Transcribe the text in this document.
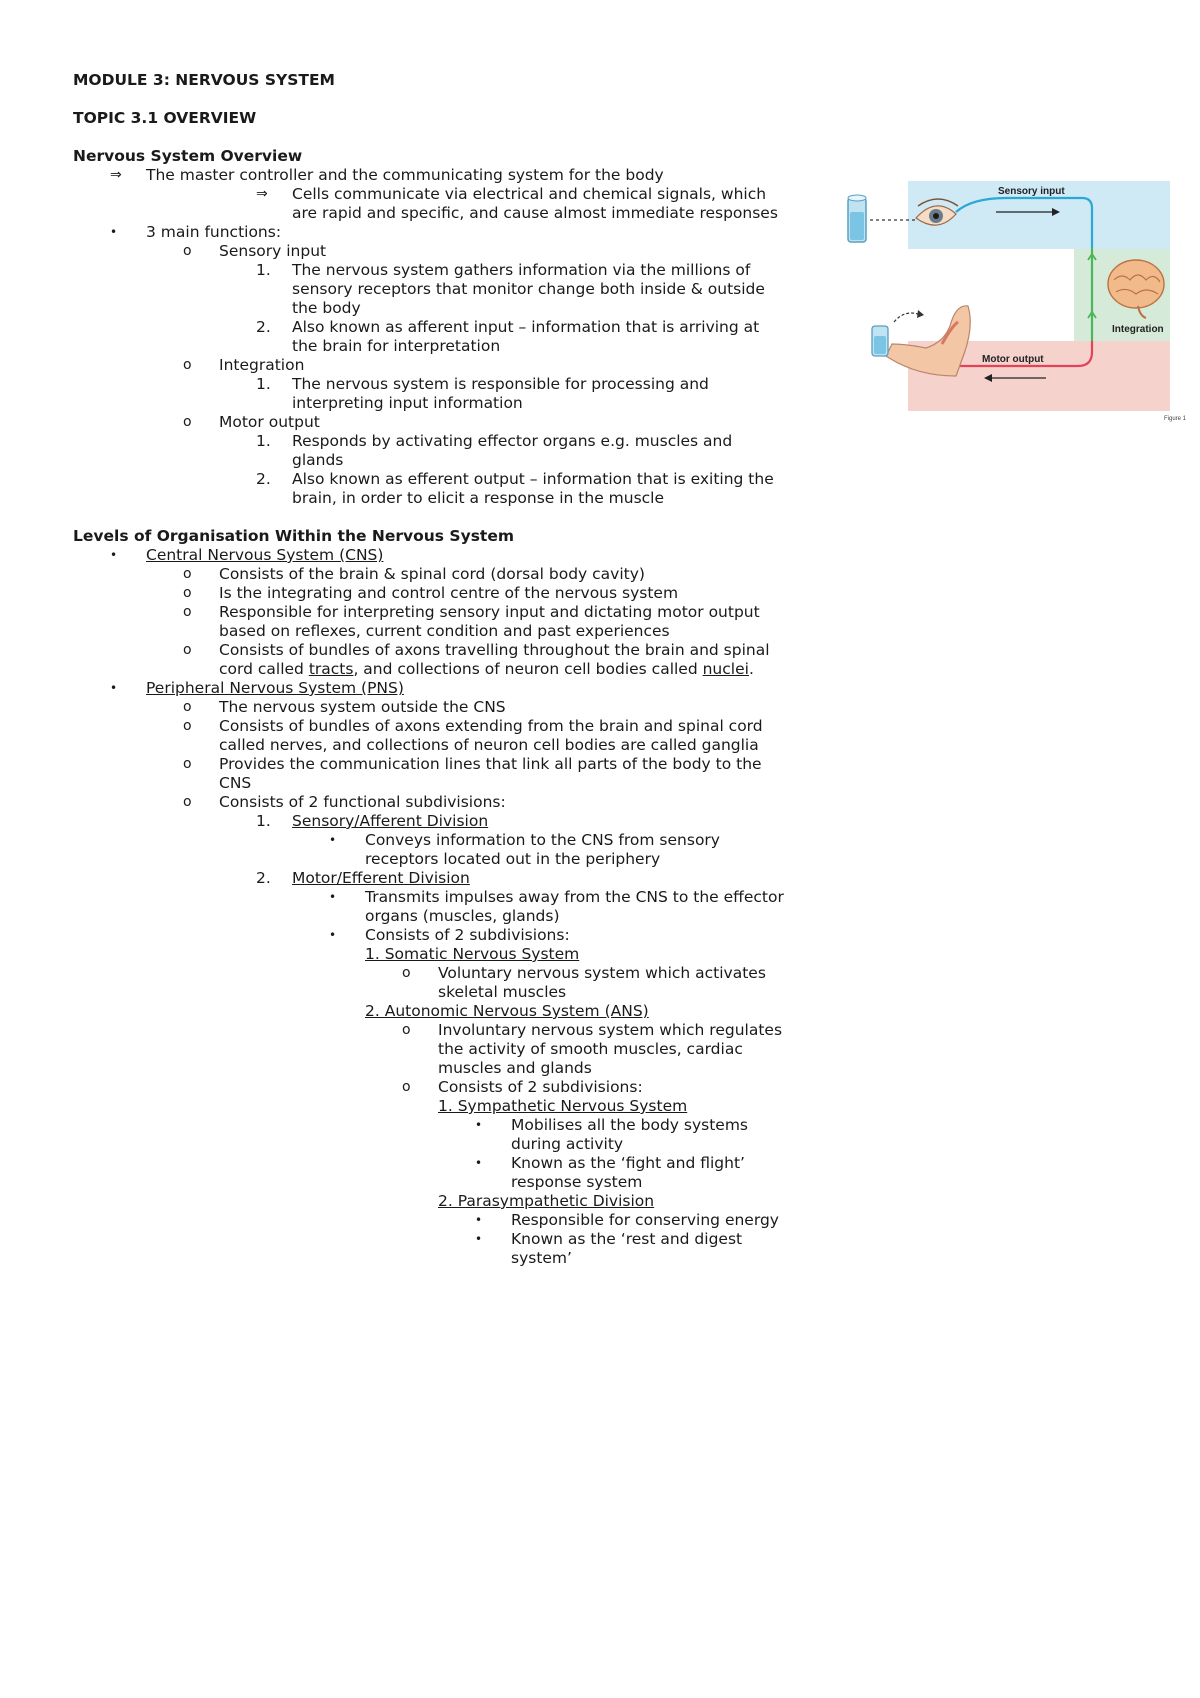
MODULE 3: NERVOUS SYSTEM
TOPIC 3.1 OVERVIEW
Nervous System Overview
⇒ The master controller and the communicating system for the body
⇒ Cells communicate via electrical and chemical signals, which
are rapid and specific, and cause almost immediate responses
• 3 main functions:
o Sensory input
1. The nervous system gathers information via the millions of
sensory receptors that monitor change both inside & outside
the body
2. Also known as afferent input – information that is arriving at
the brain for interpretation
o Integration
1. The nervous system is responsible for processing and
interpreting input information
o Motor output
1. Responds by activating effector organs e.g. muscles and
glands
2. Also known as efferent output – information that is exiting the
brain, in order to elicit a response in the muscle
Levels of Organisation Within the Nervous System
• Central Nervous System (CNS)
o Consists of the brain & spinal cord (dorsal body cavity)
o Is the integrating and control centre of the nervous system
o Responsible for interpreting sensory input and dictating motor output
based on reflexes, current condition and past experiences
o Consists of bundles of axons travelling throughout the brain and spinal
cord called tracts, and collections of neuron cell bodies called nuclei.
• Peripheral Nervous System (PNS)
o The nervous system outside the CNS
o Consists of bundles of axons extending from the brain and spinal cord
called nerves, and collections of neuron cell bodies are called ganglia
o Provides the communication lines that link all parts of the body to the
CNS
o Consists of 2 functional subdivisions:
1. Sensory/Afferent Division
• Conveys information to the CNS from sensory
receptors located out in the periphery
2. Motor/Efferent Division
• Transmits impulses away from the CNS to the effector
organs (muscles, glands)
• Consists of 2 subdivisions:
1. Somatic Nervous System
o Voluntary nervous system which activates
skeletal muscles
2. Autonomic Nervous System (ANS)
o Involuntary nervous system which regulates
the activity of smooth muscles, cardiac
muscles and glands
o Consists of 2 subdivisions:
1. Sympathetic Nervous System
• Mobilises all the body systems
during activity
• Known as the ‘fight and flight’
response system
2. Parasympathetic Division
• Responsible for conserving energy
• Known as the ‘rest and digest
system’
Sensory input
Integration
Motor output
Figure 1
